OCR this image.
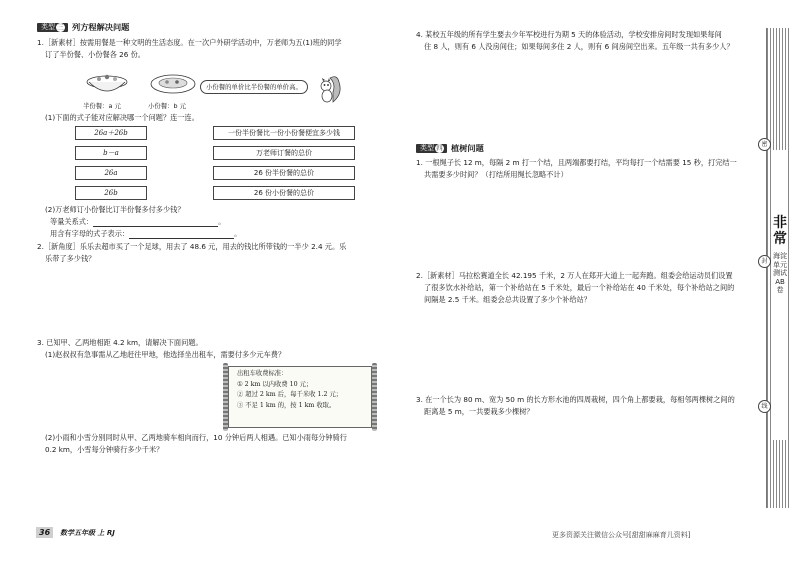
类型 三 列方程解决问题
1.［新素材］按需用餐是一种文明的生活态度。在一次户外研学活动中，万老师为五(1)班的同学
订了半份餐、小份餐各 26 份。
半份餐：a 元	小份餐：b 元
小份餐的单价比半份餐的单价高。
(1)下面的式子能对应解决哪一个问题？连一连。
26a＋26b
b－a
26a
26b
一份半份餐比一份小份餐便宜多少钱
万老师订餐的总价
26 份半份餐的总价
26 份小份餐的总价
(2)万老师订小份餐比订半份餐多付多少钱？
等量关系式：	。
用含有字母的式子表示：	。
2.［新角度］乐乐去超市买了一个足球，用去了 48.6 元，用去的钱比所带钱的一半少 2.4 元。乐
乐带了多少钱？
3. 已知甲、乙两地相距 4.2 km，请解决下面问题。
(1)赵叔叔有急事需从乙地赶往甲地，他选择坐出租车，需要付多少元车费？
出租车收费标准：
① 2 km 以内收费 10 元；
② 超过 2 km 后，每千米收 1.2 元；
③ 不足 1 km 的，按 1 km 收取。
(2)小雨和小雪分别同时从甲、乙两地骑车相向而行，10 分钟后两人相遇。已知小雨每分钟骑行
0.2 km，小雪每分钟骑行多少千米？
36	数学五年级 上 RJ
4. 某校五年级的所有学生要去少年军校进行为期 5 天的体验活动，学校安排房间时发现如果每间
住 8 人，则有 6 人没房间住；如果每间多住 2 人，则有 6 间房间空出来。五年级一共有多少人？
类型 四 植树问题
1. 一根绳子长 12 m，每隔 2 m 打一个结，且两端都要打结，平均每打一个结需要 15 秒，打完结一
共需要多少时间？（打结所用绳长忽略不计）
2.［新素材］马拉松赛道全长 42.195 千米，2 万人在郑开大道上一起奔跑。组委会给运动员们设置
了很多饮水补给站，第一个补给站在 5 千米处，最后一个补给站在 40 千米处，每个补给站之间的
间隔是 2.5 千米。组委会总共设置了多少个补给站？
3. 在一个长为 80 m、宽为 50 m 的长方形水池的四周栽树，四个角上都要栽，每相邻两棵树之间的
距离是 5 m，一共要栽多少棵树？
更多资源关注微信公众号[甜甜麻麻育儿资料]
密
封
线
非常
海淀单元测试AB卷
